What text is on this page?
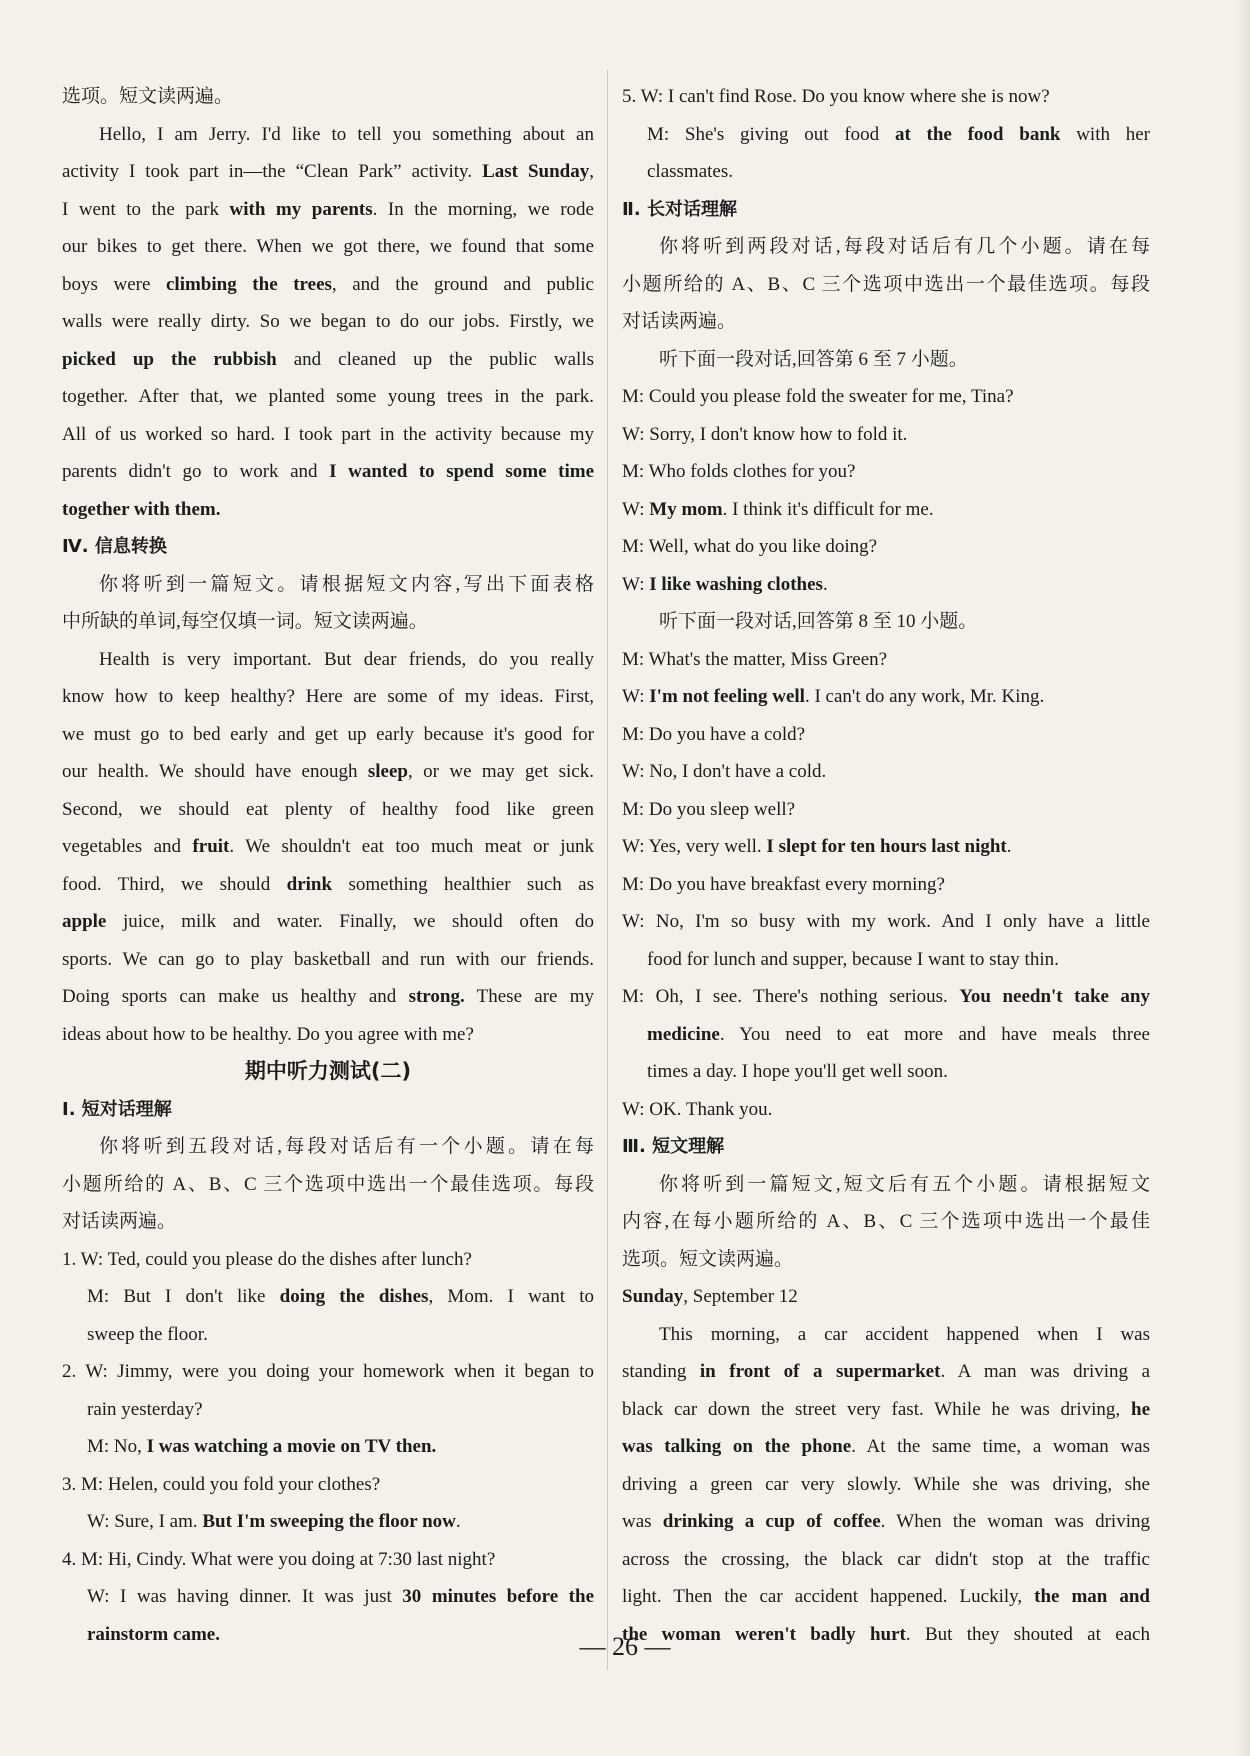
选项。短文读两遍。
Hello, I am Jerry. I'd like to tell you something about an
activity I took part in—the “Clean Park” activity. Last Sunday,
I went to the park with my parents. In the morning, we rode
our bikes to get there. When we got there, we found that some
boys were climbing the trees, and the ground and public
walls were really dirty. So we began to do our jobs. Firstly, we
picked up the rubbish and cleaned up the public walls
together. After that, we planted some young trees in the park.
All of us worked so hard. I took part in the activity because my
parents didn't go to work and I wanted to spend some time
together with them.
Ⅳ. 信息转换
你将听到一篇短文。请根据短文内容,写出下面表格
中所缺的单词,每空仅填一词。短文读两遍。
Health is very important. But dear friends, do you really
know how to keep healthy? Here are some of my ideas. First,
we must go to bed early and get up early because it's good for
our health. We should have enough sleep, or we may get sick.
Second, we should eat plenty of healthy food like green
vegetables and fruit. We shouldn't eat too much meat or junk
food. Third, we should drink something healthier such as
apple juice, milk and water. Finally, we should often do
sports. We can go to play basketball and run with our friends.
Doing sports can make us healthy and strong. These are my
ideas about how to be healthy. Do you agree with me?
期中听力测试(二)
Ⅰ. 短对话理解
你将听到五段对话,每段对话后有一个小题。请在每
小题所给的 A、B、C 三个选项中选出一个最佳选项。每段
对话读两遍。
1. W: Ted, could you please do the dishes after lunch?
M: But I don't like doing the dishes, Mom. I want to
sweep the floor.
2. W: Jimmy, were you doing your homework when it began to
rain yesterday?
M: No, I was watching a movie on TV then.
3. M: Helen, could you fold your clothes?
W: Sure, I am. But I'm sweeping the floor now.
4. M: Hi, Cindy. What were you doing at 7:30 last night?
W: I was having dinner. It was just 30 minutes before the
rainstorm came.
5. W: I can't find Rose. Do you know where she is now?
M: She's giving out food at the food bank with her
classmates.
Ⅱ. 长对话理解
你将听到两段对话,每段对话后有几个小题。请在每
小题所给的 A、B、C 三个选项中选出一个最佳选项。每段
对话读两遍。
听下面一段对话,回答第 6 至 7 小题。
M: Could you please fold the sweater for me, Tina?
W: Sorry, I don't know how to fold it.
M: Who folds clothes for you?
W: My mom. I think it's difficult for me.
M: Well, what do you like doing?
W: I like washing clothes.
听下面一段对话,回答第 8 至 10 小题。
M: What's the matter, Miss Green?
W: I'm not feeling well. I can't do any work, Mr. King.
M: Do you have a cold?
W: No, I don't have a cold.
M: Do you sleep well?
W: Yes, very well. I slept for ten hours last night.
M: Do you have breakfast every morning?
W: No, I'm so busy with my work. And I only have a little
food for lunch and supper, because I want to stay thin.
M: Oh, I see. There's nothing serious. You needn't take any
medicine. You need to eat more and have meals three
times a day. I hope you'll get well soon.
W: OK. Thank you.
Ⅲ. 短文理解
你将听到一篇短文,短文后有五个小题。请根据短文
内容,在每小题所给的 A、B、C 三个选项中选出一个最佳
选项。短文读两遍。
Sunday, September 12
This morning, a car accident happened when I was
standing in front of a supermarket. A man was driving a
black car down the street very fast. While he was driving, he
was talking on the phone. At the same time, a woman was
driving a green car very slowly. While she was driving, she
was drinking a cup of coffee. When the woman was driving
across the crossing, the black car didn't stop at the traffic
light. Then the car accident happened. Luckily, the man and
the woman weren't badly hurt. But they shouted at each
— 26 —
